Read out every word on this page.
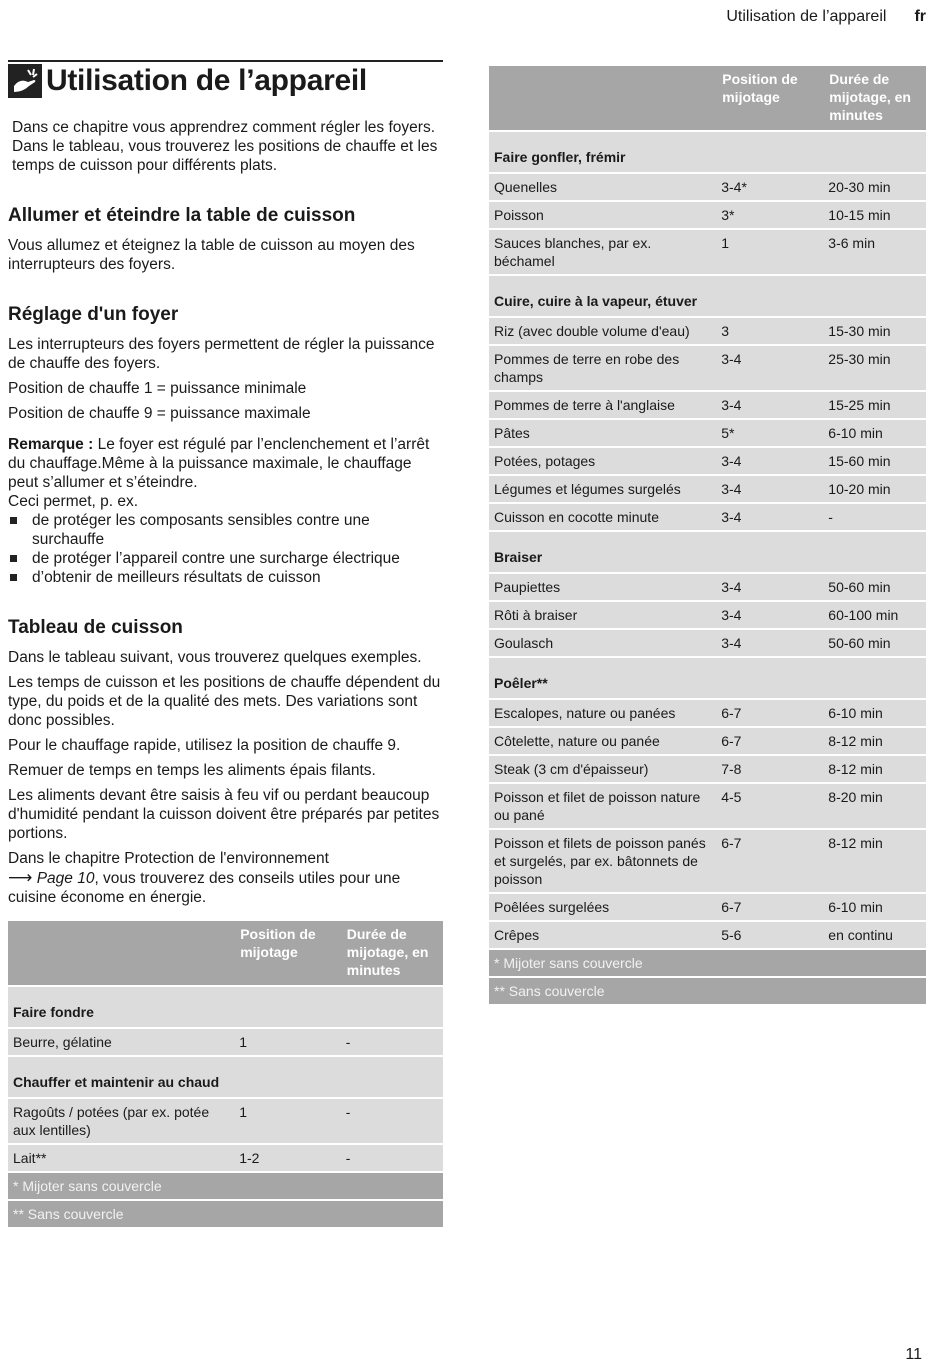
Utilisation de l’appareil fr
Utilisation de l’appareil

Dans ce chapitre vous apprendrez comment régler les foyers. Dans le tableau, vous trouverez les positions de chauffe et les temps de cuisson pour différents plats.

Allumer et éteindre la table de cuisson

Vous allumez et éteignez la table de cuisson au moyen des interrupteurs des foyers.

Réglage d'un foyer

Les interrupteurs des foyers permettent de régler la puissance de chauffe des foyers.

Position de chauffe 1 = puissance minimale

Position de chauffe 9 = puissance maximale

Remarque : Le foyer est régulé par l’enclenchement et l’arrêt du chauffage.Même à la puissance maximale, le chauffage peut s’allumer et s’éteindre.

Ceci permet, p. ex.

de protéger les composants sensibles contre une surchauffe
de protéger l’appareil contre une surcharge électrique
d’obtenir de meilleurs résultats de cuisson
Tableau de cuisson

Dans le tableau suivant, vous trouverez quelques exemples.

Les temps de cuisson et les positions de chauffe dépendent du type, du poids et de la qualité des mets. Des variations sont donc possibles.

Pour le chauffage rapide, utilisez la position de chauffe 9.

Remuer de temps en temps les aliments épais filants.

Les aliments devant être saisis à feu vif ou perdant beaucoup d'humidité pendant la cuisson doivent être préparés par petites portions.

Dans le chapitre Protection de l'environnement
⟶ Page 10, vous trouverez des conseils utiles pour une cuisine économe en énergie.

	Position de mijotage	Durée de mijotage, en minutes
Faire fondre		
Beurre, gélatine	1	-
Chauffer et maintenir au chaud		
Ragoûts / potées (par ex. potée aux lentilles)	1	-
Lait**	1-2	-
* Mijoter sans couvercle		
** Sans couvercle		
	Position de mijotage	Durée de mijotage, en minutes
Faire gonfler, frémir		
Quenelles	3-4*	20-30 min
Poisson	3*	10-15 min
Sauces blanches, par ex. béchamel	1	3-6 min
Cuire, cuire à la vapeur, étuver		
Riz (avec double volume d'eau)	3	15-30 min
Pommes de terre en robe des champs	3-4	25-30 min
Pommes de terre à l'anglaise	3-4	15-25 min
Pâtes	5*	6-10 min
Potées, potages	3-4	15-60 min
Légumes et légumes surgelés	3-4	10-20 min
Cuisson en cocotte minute	3-4	-
Braiser		
Paupiettes	3-4	50-60 min
Rôti à braiser	3-4	60-100 min
Goulasch	3-4	50-60 min
Poêler**		
Escalopes, nature ou panées	6-7	6-10 min
Côtelette, nature ou panée	6-7	8-12 min
Steak (3 cm d'épaisseur)	7-8	8-12 min
Poisson et filet de poisson nature ou pané	4-5	8-20 min
Poisson et filets de poisson panés et surgelés, par ex. bâtonnets de poisson	6-7	8-12 min
Poêlées surgelées	6-7	6-10 min
Crêpes	5-6	en continu
* Mijoter sans couvercle		
** Sans couvercle		
11
